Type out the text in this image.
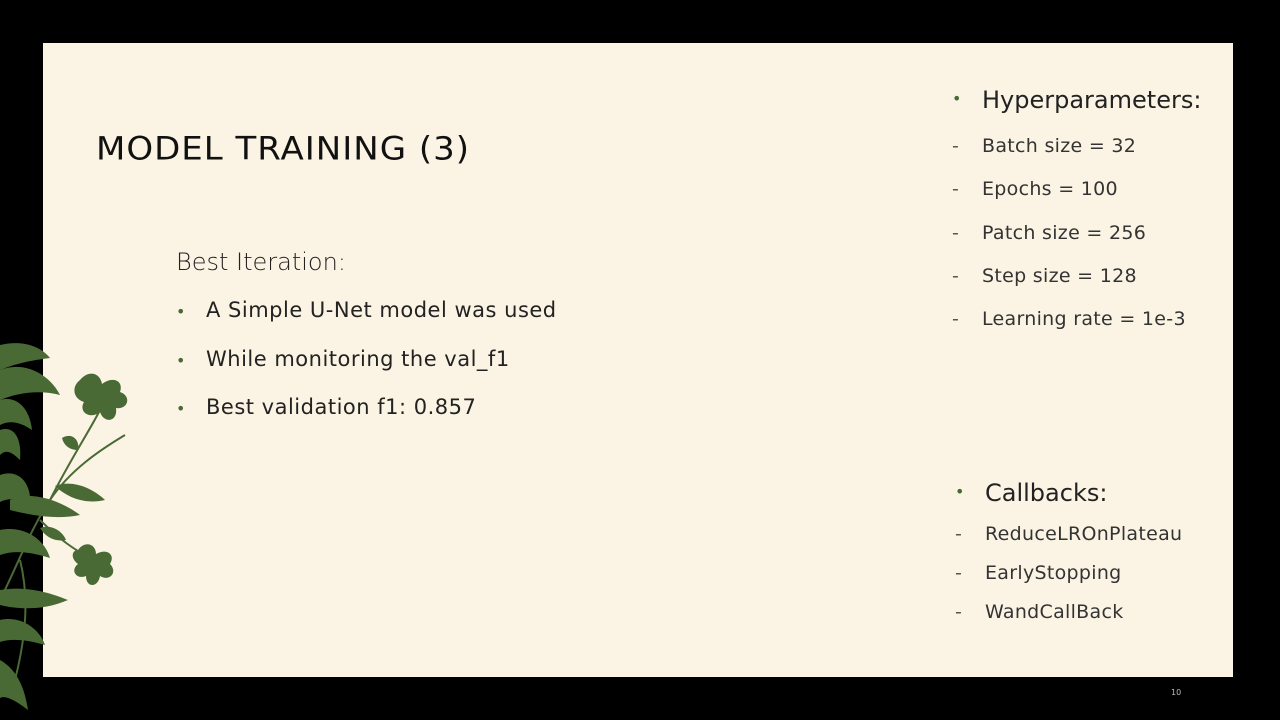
MODEL TRAINING (3)
Best Iteration:
• A Simple U-Net model was used
• While monitoring the val_f1
• Best validation f1: 0.857
• Hyperparameters:
- Batch size = 32
- Epochs = 100
- Patch size = 256
- Step size = 128
- Learning rate = 1e-3
• Callbacks:
- ReduceLROnPlateau
- EarlyStopping
- WandCallBack
10
